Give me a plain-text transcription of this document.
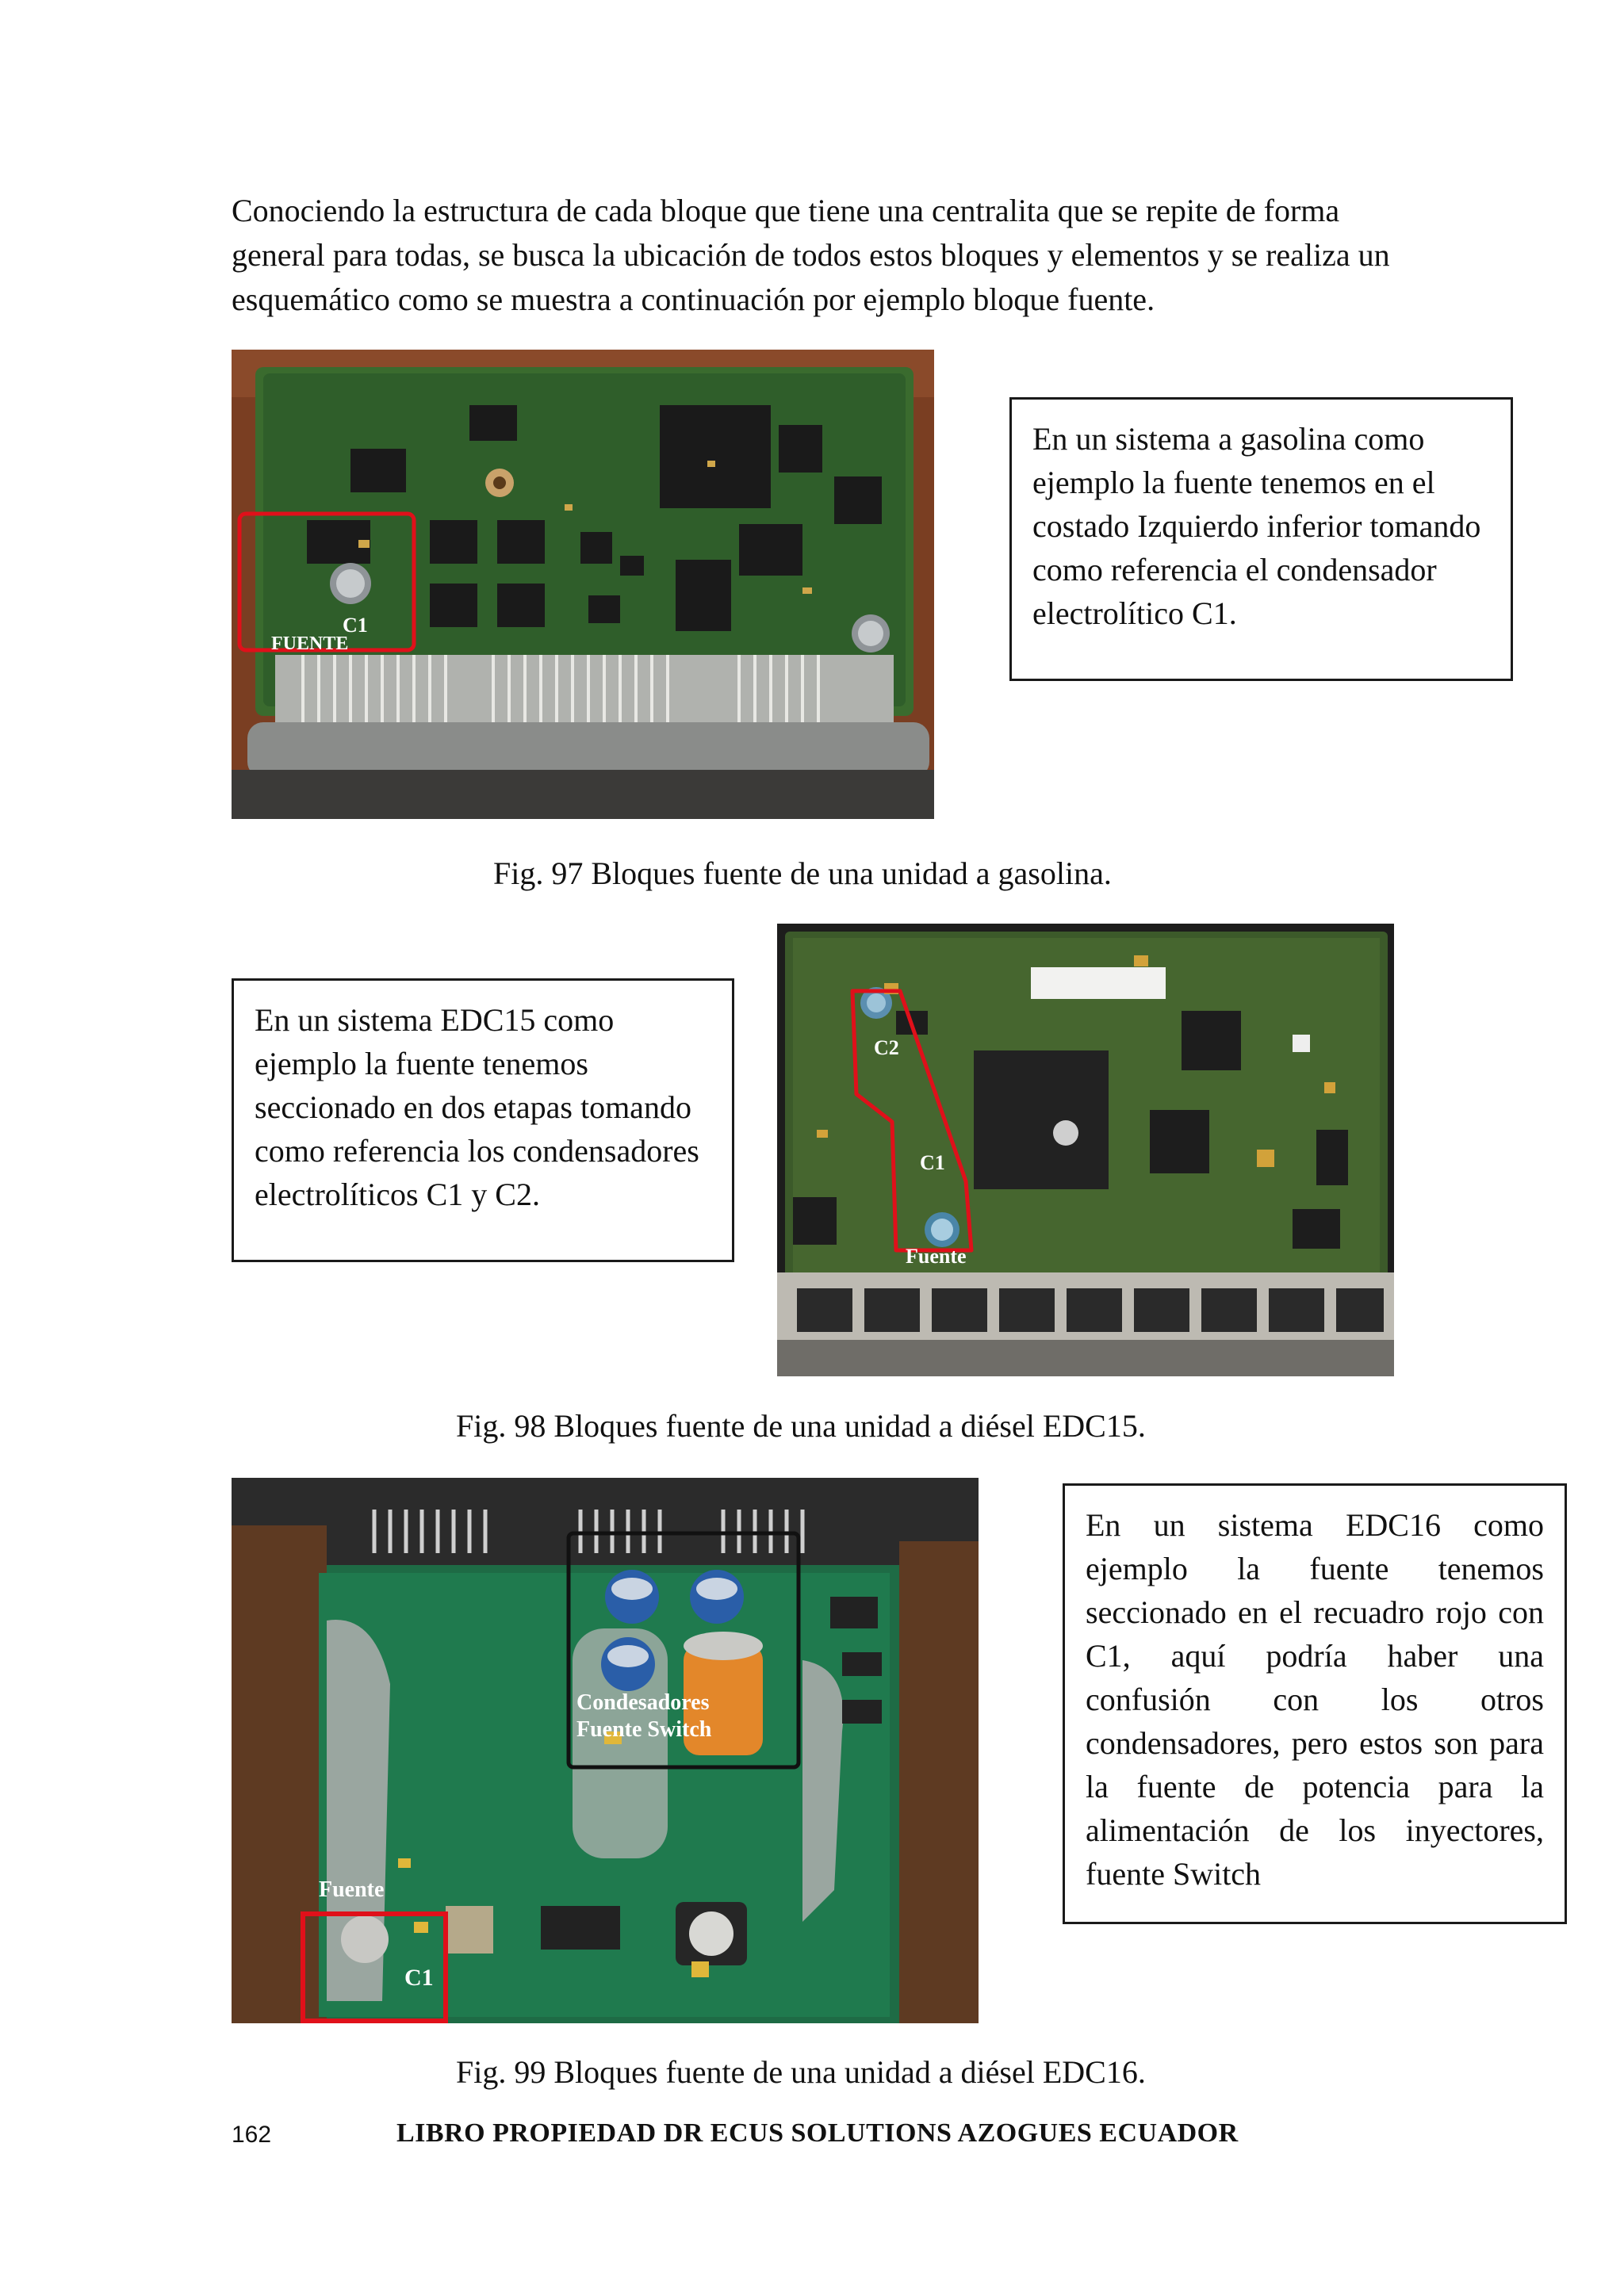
Conociendo la estructura de cada bloque que tiene una centralita que se repite de forma general para todas, se busca la ubicación de todos estos bloques y elementos y se realiza un esquemático como se muestra a continuación por ejemplo bloque fuente.

C1
FUENTE
En un sistema a gasolina como ejemplo la fuente tenemos en el costado Izquierdo inferior tomando como referencia el condensador electrolítico C1.

Fig. 97 Bloques fuente de una unidad a gasolina.

En un sistema EDC15 como ejemplo la fuente tenemos seccionado en dos etapas tomando como referencia los condensadores electrolíticos C1 y C2.
C2
C1
Fuente

Fig. 98 Bloques fuente de una unidad a diésel EDC15.

Condesadores
Fuente Switch
Fuente
C1
En un sistema EDC16 como ejemplo la fuente tenemos seccionado en el recuadro rojo con C1, aquí podría haber una confusión con los otros condensadores, pero estos son para la fuente de potencia para la alimentación de los inyectores, fuente Switch

Fig. 99 Bloques fuente de una unidad a diésel EDC16.

162	LIBRO PROPIEDAD DR ECUS SOLUTIONS AZOGUES ECUADOR
